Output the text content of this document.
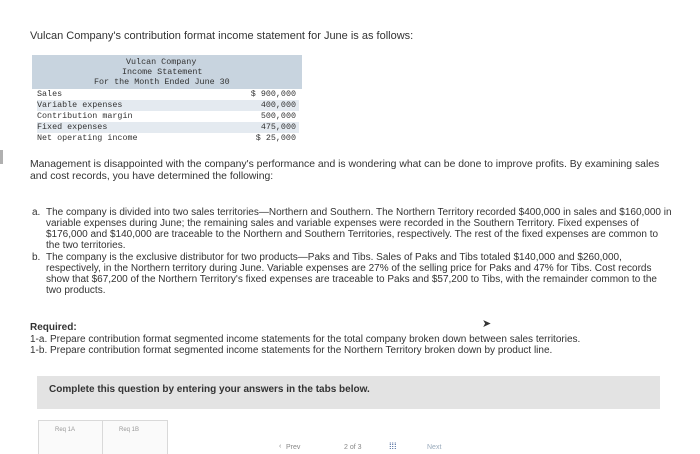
Vulcan Company's contribution format income statement for June is as follows:
Vulcan Company
Income Statement
For the Month Ended June 30
Sales	$ 900,000
Variable expenses	400,000
Contribution margin	500,000
Fixed expenses	475,000
Net operating income	$ 25,000
Management is disappointed with the company's performance and is wondering what can be done to improve profits. By examining sales and cost records, you have determined the following:
a. The company is divided into two sales territories—Northern and Southern. The Northern Territory recorded $400,000 in sales and $160,000 in variable expenses during June; the remaining sales and variable expenses were recorded in the Southern Territory. Fixed expenses of $176,000 and $140,000 are traceable to the Northern and Southern Territories, respectively. The rest of the fixed expenses are common to the two territories.
b. The company is the exclusive distributor for two products—Paks and Tibs. Sales of Paks and Tibs totaled $140,000 and $260,000, respectively, in the Northern territory during June. Variable expenses are 27% of the selling price for Paks and 47% for Tibs. Cost records show that $67,200 of the Northern Territory's fixed expenses are traceable to Paks and $57,200 to Tibs, with the remainder common to the two products.
➤
Required:
1-a. Prepare contribution format segmented income statements for the total company broken down between sales territories.
1-b. Prepare contribution format segmented income statements for the Northern Territory broken down by product line.
Complete this question by entering your answers in the tabs below.
Req 1A	Req 1B
‹ Prev	2 of 3	⁞⁞⁞	Next
